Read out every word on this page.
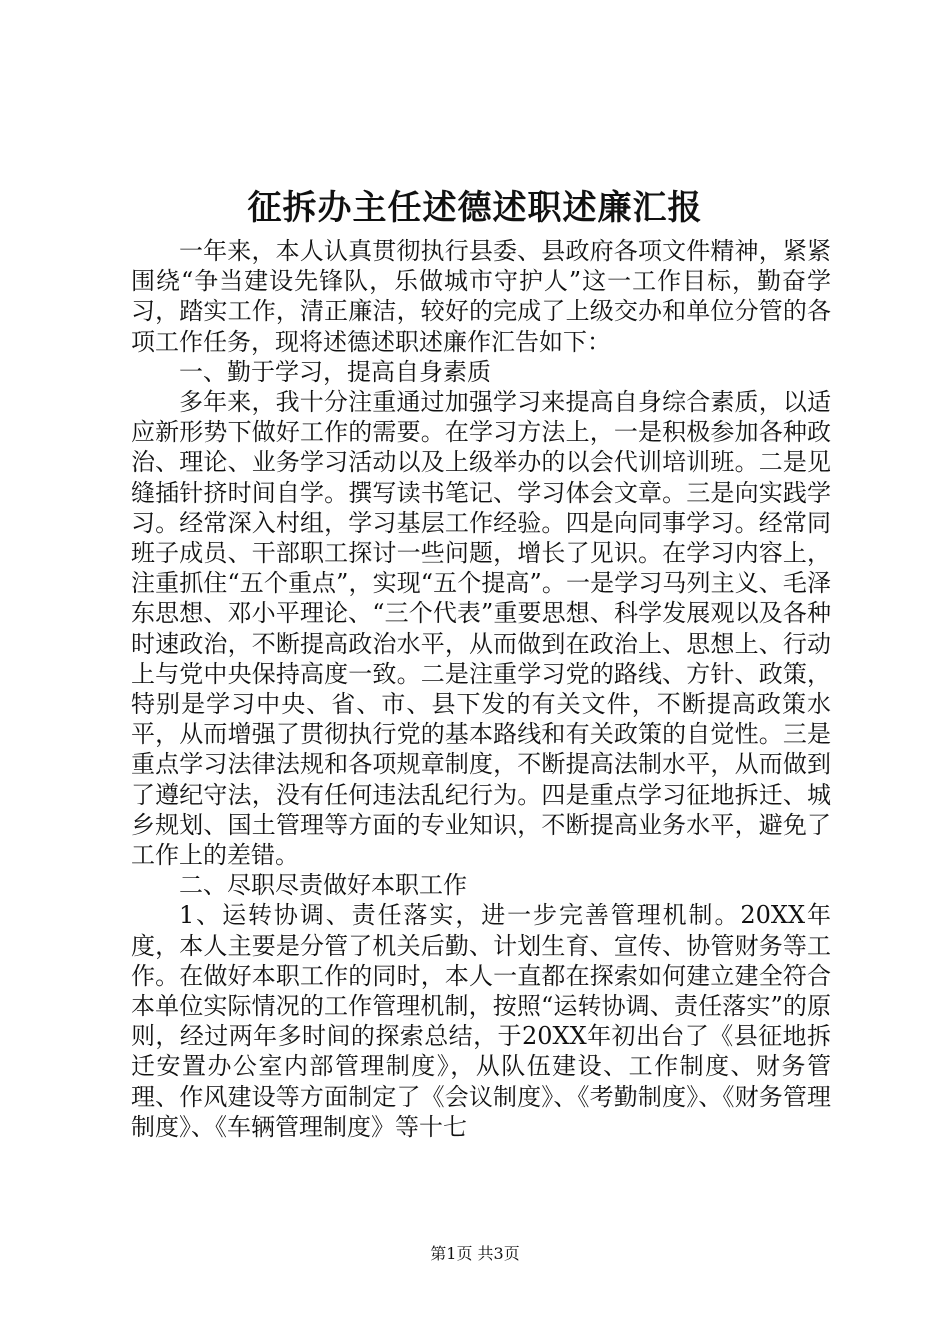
征拆办主任述德述职述廉汇报

一年来，本人认真贯彻执行县委、县政府各项文件精神，紧紧围绕“争当建设先锋队，乐做城市守护人”这一工作目标，勤奋学习，踏实工作，清正廉洁，较好的完成了上级交办和单位分管的各项工作任务，现将述德述职述廉作汇告如下：

一、勤于学习，提高自身素质

多年来，我十分注重通过加强学习来提高自身综合素质，以适应新形势下做好工作的需要。在学习方法上，一是积极参加各种政治、理论、业务学习活动以及上级举办的以会代训培训班。二是见缝插针挤时间自学。撰写读书笔记、学习体会文章。三是向实践学习。经常深入村组，学习基层工作经验。四是向同事学习。经常同班子成员、干部职工探讨一些问题，增长了见识。在学习内容上，注重抓住“五个重点”，实现“五个提高”。一是学习马列主义、毛泽东思想、邓小平理论、“三个代表”重要思想、科学发展观以及各种时速政治，不断提高政治水平，从而做到在政治上、思想上、行动上与党中央保持高度一致。二是注重学习党的路线、方针、政策，特别是学习中央、省、市、县下发的有关文件，不断提高政策水平，从而增强了贯彻执行党的基本路线和有关政策的自觉性。三是重点学习法律法规和各项规章制度，不断提高法制水平，从而做到了遵纪守法，没有任何违法乱纪行为。四是重点学习征地拆迁、城乡规划、国土管理等方面的专业知识，不断提高业务水平，避免了工作上的差错。

二、尽职尽责做好本职工作

1、运转协调、责任落实，进一步完善管理机制。20XX年度，本人主要是分管了机关后勤、计划生育、宣传、协管财务等工作。在做好本职工作的同时，本人一直都在探索如何建立建全符合本单位实际情况的工作管理机制，按照“运转协调、责任落实”的原则，经过两年多时间的探索总结，于20XX年初出台了《县征地拆迁安置办公室内部管理制度》，从队伍建设、工作制度、财务管理、作风建设等方面制定了《会议制度》、《考勤制度》、《财务管理制度》、《车辆管理制度》等十七

第1页 共3页
